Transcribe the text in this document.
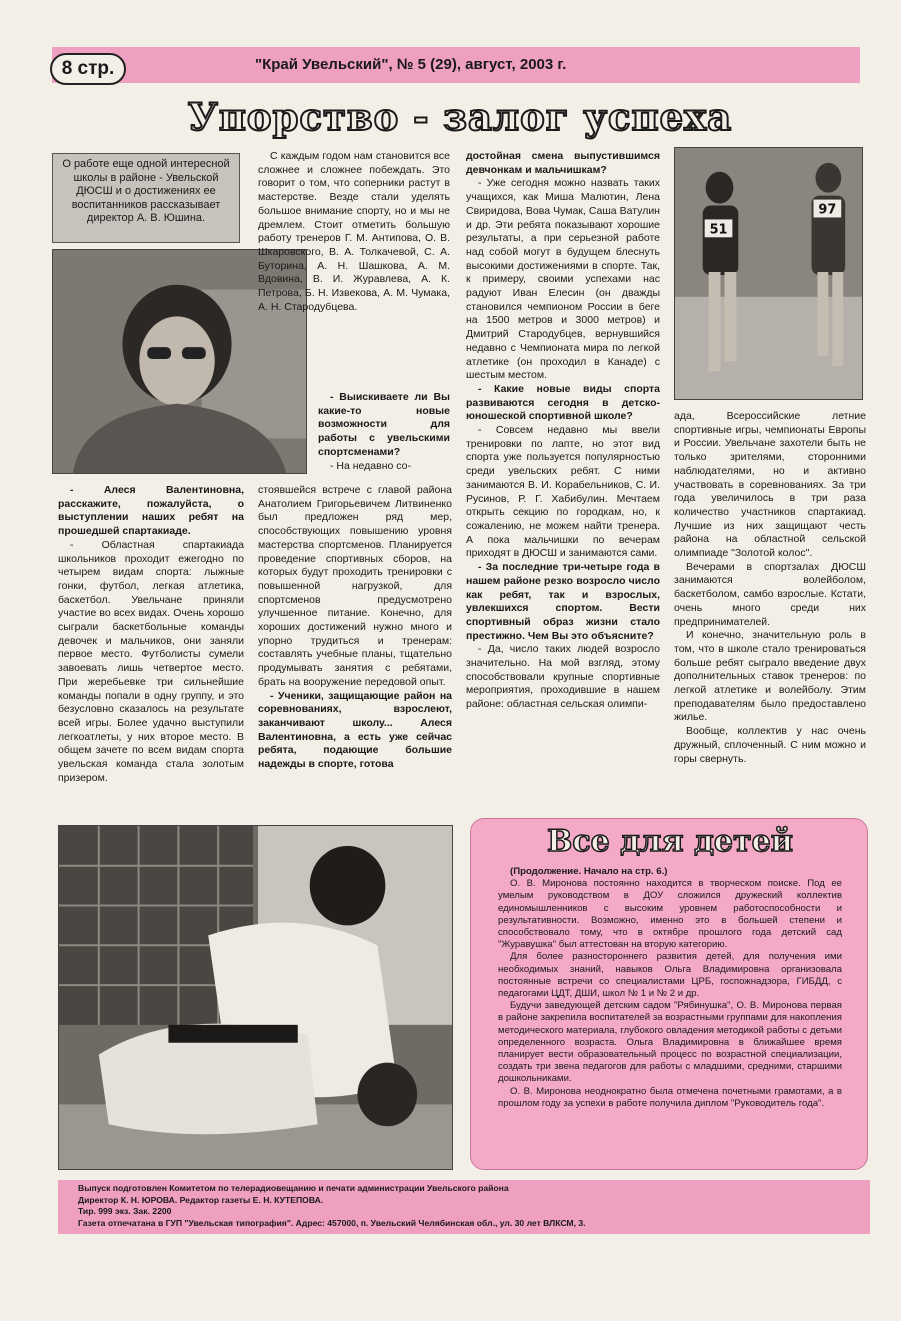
8 стр.	"Край Увельский", № 5 (29), август, 2003 г.
Упорство - залог успеха
О работе еще одной интересной школы в районе - Увельской ДЮСШ и о достижениях ее воспитанников рассказывает директор А. В. Юшина.
51
97

- Алеся Валентиновна, расскажите, пожалуйста, о выступлении наших ребят на прошедшей спартакиаде.

- Областная спартакиада школьников проходит ежегодно по четырем видам спорта: лыжные гонки, футбол, легкая атлетика, баскетбол. Увельчане приняли участие во всех видах. Очень хорошо сыграли баскетбольные команды девочек и мальчиков, они заняли первое место. Футболисты сумели завоевать лишь четвертое место. При жеребьевке три сильнейшие команды попали в одну группу, и это безусловно сказалось на результате всей игры. Более удачно выступили легкоатлеты, у них второе место. В общем зачете по всем видам спорта увельская команда стала золотым призером.

С каждым годом нам становится все сложнее и сложнее побеждать. Это говорит о том, что соперники растут в мастерстве. Везде стали уделять большое внимание спорту, но и мы не дремлем. Стоит отметить большую работу тренеров Г. М. Антипова, О. В. Шкаровского, В. А. Толкачевой, С. А. Буторина, А. Н. Шашкова, А. М. Вдовина, В. И. Журавлева, А. К. Петрова, Б. Н. Извекова, А. М. Чумака, А. Н. Стародубцева.

- Выискиваете ли Вы какие-то новые возможности для работы с увельскими спортсменами?

- На недавно со-

стоявшейся встрече с главой района Анатолием Григорьевичем Литвиненко был предложен ряд мер, способствующих повышению уровня мастерства спортсменов. Планируется проведение спортивных сборов, на которых будут проходить тренировки с повышенной нагрузкой, для спортсменов предусмотрено улучшенное питание. Конечно, для хороших достижений нужно много и упорно трудиться и тренерам: составлять учебные планы, тщательно продумывать занятия с ребятами, брать на вооружение передовой опыт.

- Ученики, защищающие район на соревнованиях, взрослеют, заканчивают школу... Алеся Валентиновна, а есть уже сейчас ребята, подающие большие надежды в спорте, готова

достойная смена выпустившимся девчонкам и мальчишкам?

- Уже сегодня можно назвать таких учащихся, как Миша Малютин, Лена Свиридова, Вова Чумак, Саша Ватулин и др. Эти ребята показывают хорошие результаты, а при серьезной работе над собой могут в будущем блеснуть высокими достижениями в спорте. Так, к примеру, своими успехами нас радуют Иван Елесин (он дважды становился чемпионом России в беге на 1500 метров и 3000 метров) и Дмитрий Стародубцев, вернувшийся недавно с Чемпионата мира по легкой атлетике (он проходил в Канаде) с шестым местом.

- Какие новые виды спорта развиваются сегодня в детско-юношеской спортивной школе?

- Совсем недавно мы ввели тренировки по лапте, но этот вид спорта уже пользуется популярностью среди увельских ребят. С ними занимаются В. И. Корабельников, С. И. Русинов, Р. Г. Хабибулин. Мечтаем открыть секцию по городкам, но, к сожалению, не можем найти тренера. А пока мальчишки по вечерам приходят в ДЮСШ и занимаются сами.

- За последние три-четыре года в нашем районе резко возросло число как ребят, так и взрослых, увлекшихся спортом. Вести спортивный образ жизни стало престижно. Чем Вы это объясните?

- Да, число таких людей возросло значительно. На мой взгляд, этому способствовали крупные спортивные мероприятия, проходившие в нашем районе: областная сельская олимпи-

ада, Всероссийские летние спортивные игры, чемпионаты Европы и России. Увельчане захотели быть не только зрителями, сторонними наблюдателями, но и активно участвовать в соревнованиях. За три года увеличилось в три раза количество участников спартакиад. Лучшие из них защищают честь района на областной сельской олимпиаде "Золотой колос".

Вечерами в спортзалах ДЮСШ занимаются волейболом, баскетболом, самбо взрослые. Кстати, очень много среди них предпринимателей.

И конечно, значительную роль в том, что в школе стало тренироваться больше ребят сыграло введение двух дополнительных ставок тренеров: по легкой атлетике и волейболу. Этим преподавателям было предоставлено жилье.

Вообще, коллектив у нас очень дружный, сплоченный. С ним можно и горы свернуть.

Все для детей

(Продолжение. Начало на стр. 6.)

О. В. Миронова постоянно находится в творческом поиске. Под ее умелым руководством в ДОУ сложился дружеский коллектив единомышленников с высоким уровнем работоспособности и результативности. Возможно, именно это в большей степени и способствовало тому, что в октябре прошлого года детский сад "Журавушка" был аттестован на вторую категорию.

Для более разностороннего развития детей, для получения ими необходимых знаний, навыков Ольга Владимировна организовала постоянные встречи со специалистами ЦРБ, госпожнадзора, ГИБДД, с педагогами ЦДТ, ДШИ, школ № 1 и № 2 и др.

Будучи заведующей детским садом "Рябинушка", О. В. Миронова первая в районе закрепила воспитателей за возрастными группами для накопления методического материала, глубокого овладения методикой работы с детьми определенного возраста. Ольга Владимировна в ближайшее время планирует вести образовательный процесс по возрастной специализации, создать три звена педагогов для работы с младшими, средними, старшими дошкольниками.

О. В. Миронова неоднократно была отмечена почетными грамотами, а в прошлом году за успехи в работе получила диплом "Руководитель года".

Выпуск подготовлен Комитетом по телерадиовещанию и печати администрации Увельского района
Директор К. Н. ЮРОВА. Редактор газеты Е. Н. КУТЕПОВА.
Тир. 999 экз. Зак. 2200
Газета отпечатана в ГУП "Увельская типография". Адрес: 457000, п. Увельский Челябинская обл., ул. 30 лет ВЛКСМ, 3.
